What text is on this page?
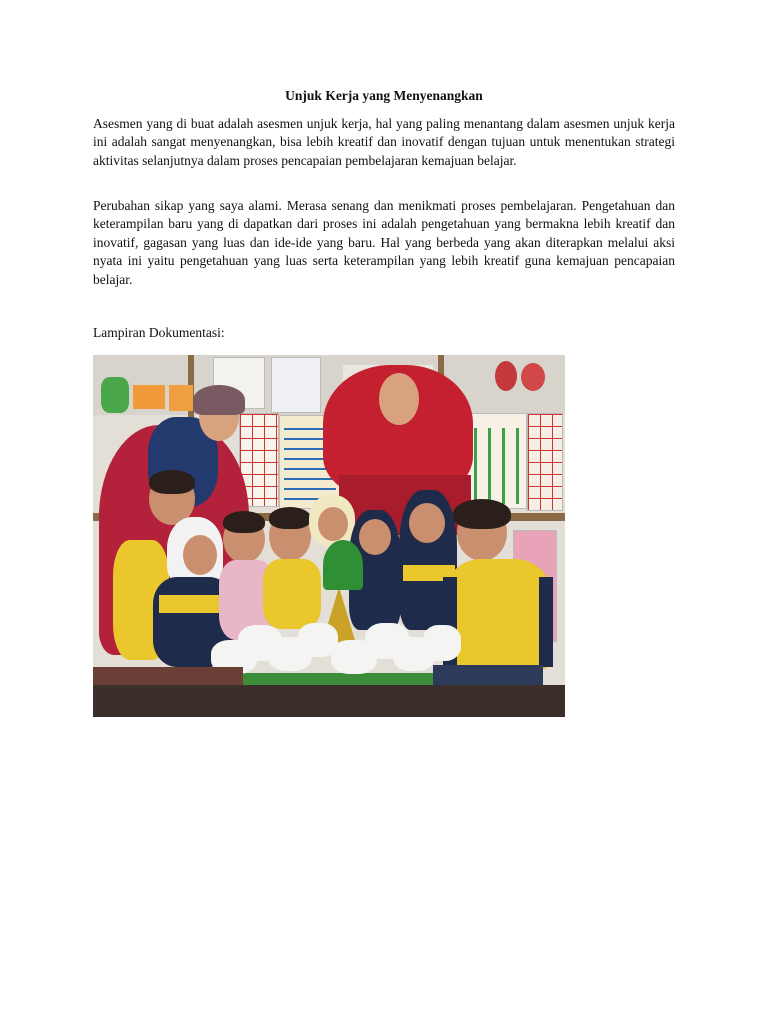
Unjuk Kerja yang Menyenangkan

Asesmen yang di buat adalah asesmen unjuk kerja, hal yang paling menantang dalam asesmen unjuk kerja ini adalah sangat menyenangkan, bisa lebih kreatif dan inovatif dengan tujuan untuk menentukan strategi aktivitas selanjutnya dalam proses pencapaian pembelajaran kemajuan belajar.

Perubahan sikap yang saya alami. Merasa senang dan menikmati proses pembelajaran. Pengetahuan dan keterampilan baru yang di dapatkan dari proses ini adalah pengetahuan yang bermakna lebih kreatif dan inovatif, gagasan yang luas dan ide-ide yang baru. Hal yang berbeda yang akan diterapkan melalui aksi nyata ini yaitu pengetahuan yang luas serta keterampilan yang lebih kreatif guna kemajuan pencapaian belajar.

Lampiran Dokumentasi:
